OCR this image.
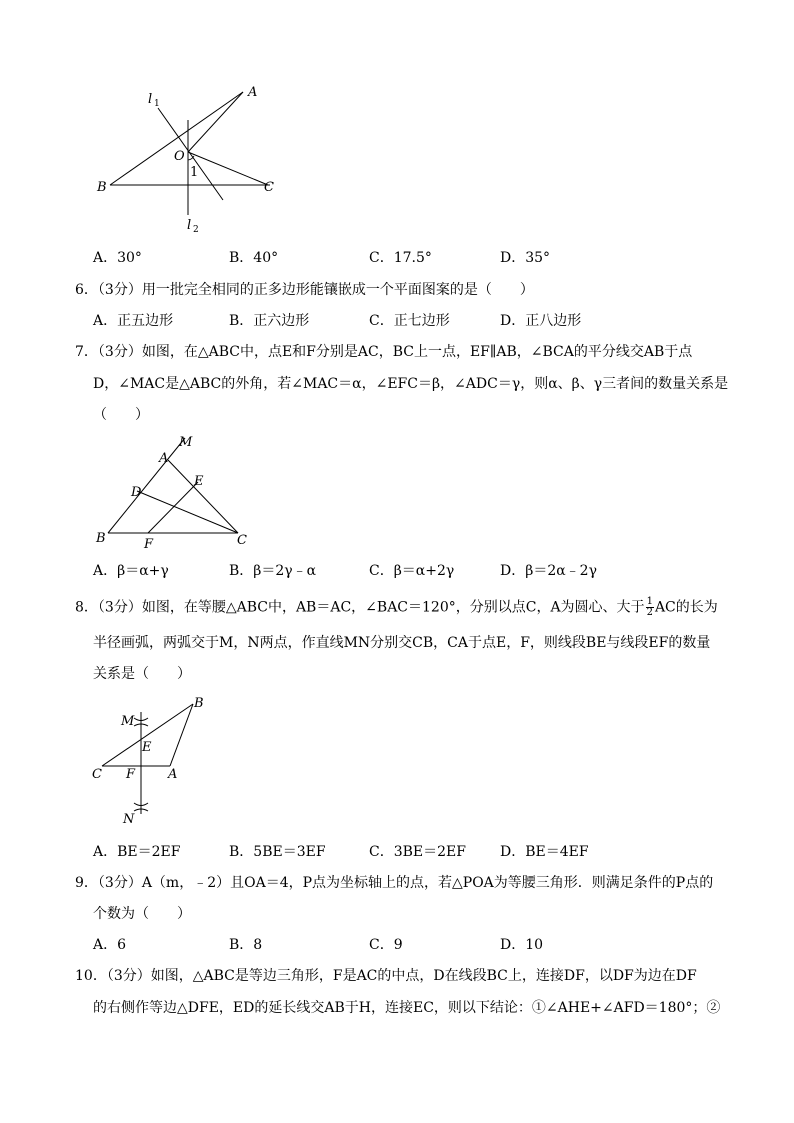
l 1
A
O
1
B	C
l 2
A．30°	B．40°	C．17.5°	D．35°
6．（3分）用一批完全相同的正多边形能镶嵌成一个平面图案的是（　　）
A．正五边形	B．正六边形	C．正七边形	D．正八边形
7．（3分）如图，在△ABC中，点E和F分别是AC，BC上一点，EF∥AB，∠BCA的平分线交AB于点
D，∠MAC是△ABC的外角，若∠MAC＝α，∠EFC＝β，∠ADC＝γ，则α、β、γ三者间的数量关系是
（　　）
M
A
E
D
B	F	C
A．β＝α+γ	B．β＝2γ﹣α	C．β＝α+2γ	D．β＝2α﹣2γ
8．（3分）如图，在等腰△ABC中，AB＝AC，∠BAC＝120°，分别以点C，A为圆心、大于 $\frac{1}{2}$ AC的长为
半径画弧，两弧交于M，N两点，作直线MN分别交CB，CA于点E，F，则线段BE与线段EF的数量
关系是（　　）
M
B
E
C F	A
N
A．BE＝2EF	B．5BE＝3EF	C．3BE＝2EF D．BE＝4EF
9．（3分）A（m，﹣2）且OA＝4，P点为坐标轴上的点，若△POA为等腰三角形．则满足条件的P点的
个数为（　　）
A．6	B．8	C．9	D．10
10．（3分）如图，△ABC是等边三角形，F是AC的中点，D在线段BC上，连接DF，以DF为边在DF
的右侧作等边△DFE，ED的延长线交AB于H，连接EC，则以下结论：①∠AHE+∠AFD＝180°；②
